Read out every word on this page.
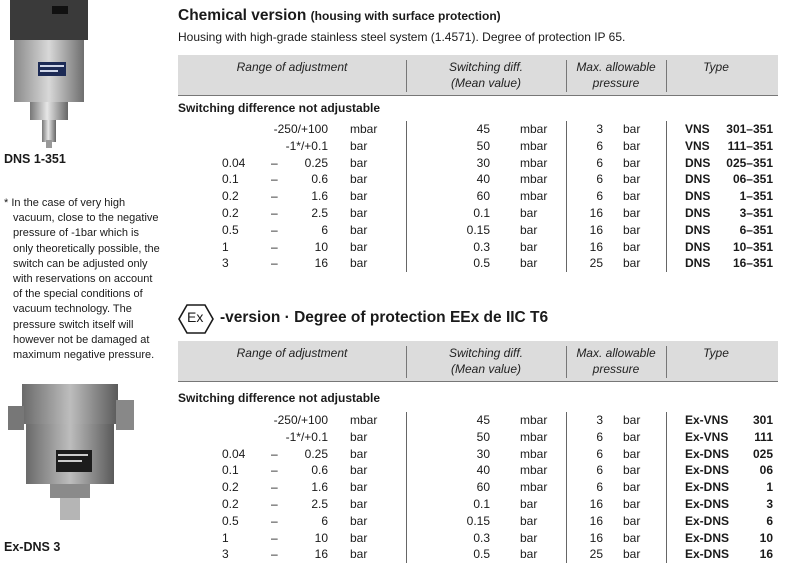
DNS 1-351
* In the case of very high
vacuum, close to the negative
pressure of -1bar which is
only theoretically possible, the
switch can be adjusted only
with reservations on account
of the special conditions of
vacuum technology. The
pressure switch itself will
however not be damaged at
maximum negative pressure.
Ex-DNS 3
Chemical version (housing with surface protection)
Housing with high-grade stainless steel system (1.4571). Degree of protection IP 65.
Range of adjustment	Switching diff.
(Mean value)
Max. allowable
pressure
Type
Switching difference not adjustable
-250/+100 mbar	45	mbar	3 bar	VNS	301–351
-1*/+0.1 bar	50	mbar	6 bar	VNS	111–351
0.04	–	0.25 bar	30	mbar	6 bar	DNS	025–351
0.1	–	0.6 bar	40	mbar	6 bar	DNS	06–351
0.2	–	1.6 bar	60	mbar	6 bar	DNS	1–351
0.2	–	2.5 bar	0.1	bar	16 bar	DNS	3–351
0.5	–	6 bar	0.15	bar	16 bar	DNS	6–351
1	–	10 bar	0.3	bar	16 bar	DNS	10–351
3	–	16 bar	0.5	bar	25 bar	DNS	16–351
Ex -version · Degree of protection EEx de IIC T6
Range of adjustment	Switching diff.
(Mean value)
Max. allowable
pressure
Type
Switching difference not adjustable
-250/+100 mbar	45	mbar	3 bar	Ex-VNS	301
-1*/+0.1 bar	50	mbar	6 bar	Ex-VNS	111
0.04	–	0.25 bar	30	mbar	6 bar	Ex-DNS	025
0.1	–	0.6 bar	40	mbar	6 bar	Ex-DNS	06
0.2	–	1.6 bar	60	mbar	6 bar	Ex-DNS	1
0.2	–	2.5 bar	0.1	bar	16 bar	Ex-DNS	3
0.5	–	6 bar	0.15	bar	16 bar	Ex-DNS	6
1	–	10 bar	0.3	bar	16 bar	Ex-DNS	10
3	–	16 bar	0.5	bar	25 bar	Ex-DNS	16
